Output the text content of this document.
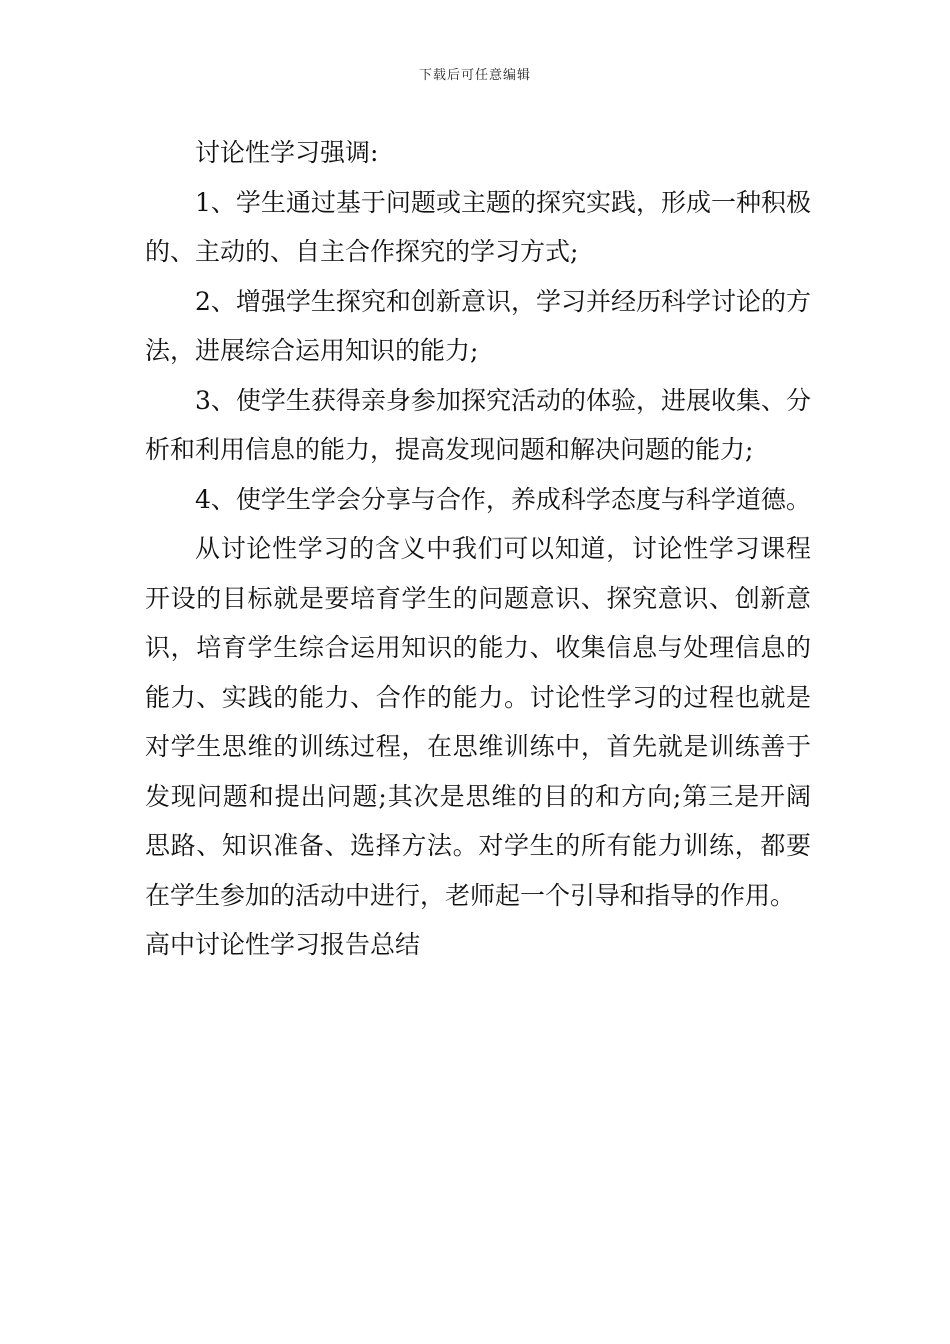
下载后可任意编辑

讨论性学习强调:

1、学生通过基于问题或主题的探究实践，形成一种积极的、主动的、自主合作探究的学习方式;

2、增强学生探究和创新意识，学习并经历科学讨论的方法，进展综合运用知识的能力;

3、使学生获得亲身参加探究活动的体验，进展收集、分析和利用信息的能力，提高发现问题和解决问题的能力;

4、使学生学会分享与合作，养成科学态度与科学道德。

从讨论性学习的含义中我们可以知道，讨论性学习课程开设的目标就是要培育学生的问题意识、探究意识、创新意识，培育学生综合运用知识的能力、收集信息与处理信息的能力、实践的能力、合作的能力。讨论性学习的过程也就是对学生思维的训练过程，在思维训练中，首先就是训练善于发现问题和提出问题;其次是思维的目的和方向;第三是开阔思路、知识准备、选择方法。对学生的所有能力训练，都要在学生参加的活动中进行，老师起一个引导和指导的作用。

高中讨论性学习报告总结
